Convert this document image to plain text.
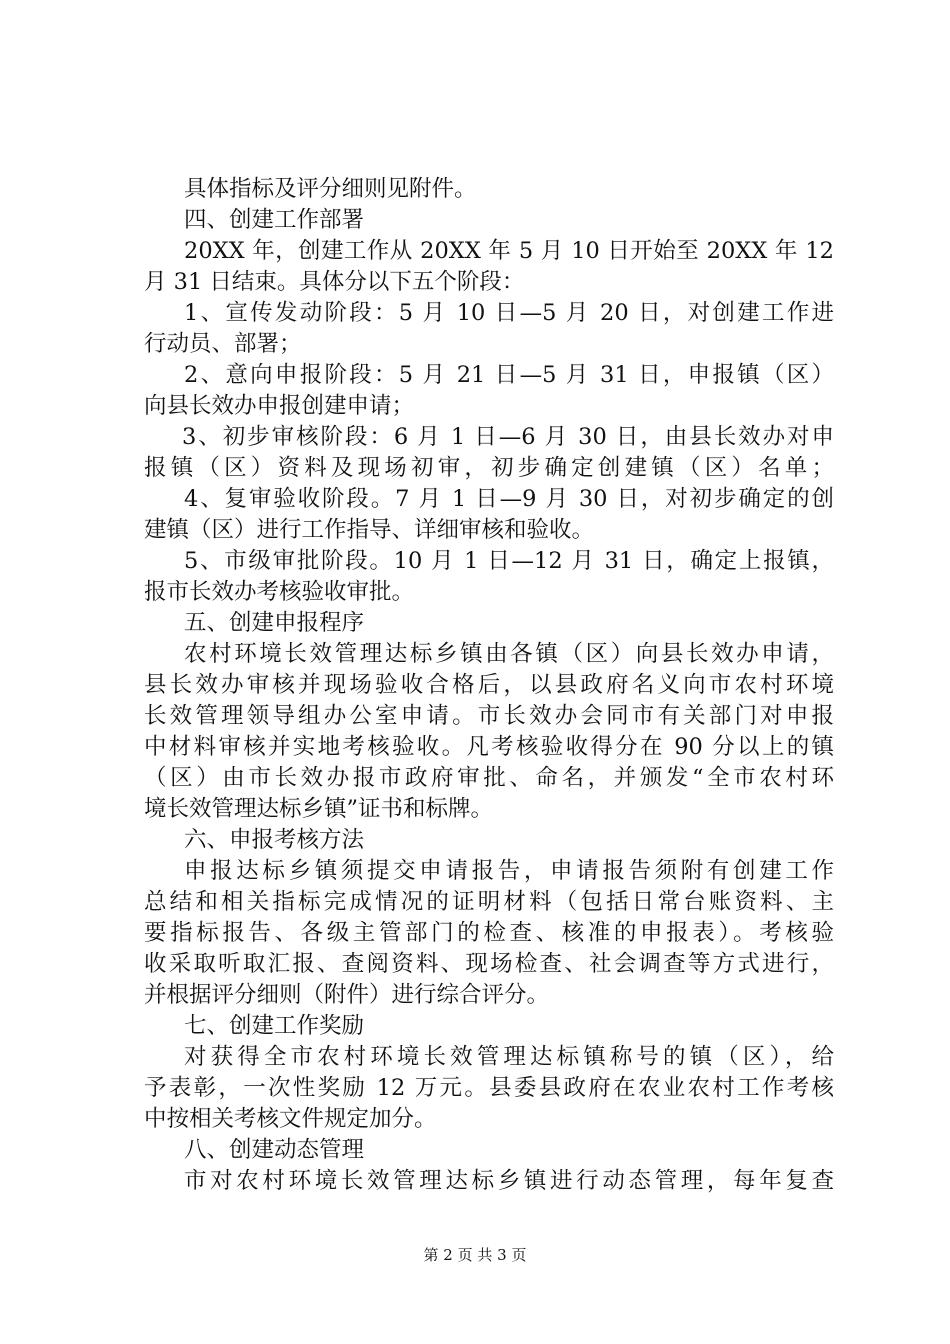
具体指标及评分细则见附件。
四、创建工作部署
20XX 年，创建工作从 20XX 年 5 月 10 日开始至 20XX 年 12
月 31 日结束。具体分以下五个阶段：
1、宣传发动阶段：5 月 10 日—5 月 20 日，对创建工作进
行动员、部署；
2、意向申报阶段：5 月 21 日—5 月 31 日，申报镇（区）
向县长效办申报创建申请；
3、初步审核阶段：6 月 1 日—6 月 30 日，由县长效办对申
报镇（区）资料及现场初审，初步确定创建镇（区）名单；
4、复审验收阶段。7 月 1 日—9 月 30 日，对初步确定的创
建镇（区）进行工作指导、详细审核和验收。
5、市级审批阶段。10 月 1 日—12 月 31 日，确定上报镇，
报市长效办考核验收审批。
五、创建申报程序
农村环境长效管理达标乡镇由各镇（区）向县长效办申请，
县长效办审核并现场验收合格后，以县政府名义向市农村环境
长效管理领导组办公室申请。市长效办会同市有关部门对申报
中材料审核并实地考核验收。凡考核验收得分在 90 分以上的镇
（区）由市长效办报市政府审批、命名，并颁发“全市农村环
境长效管理达标乡镇”证书和标牌。
六、申报考核方法
申报达标乡镇须提交申请报告，申请报告须附有创建工作
总结和相关指标完成情况的证明材料（包括日常台账资料、主
要指标报告、各级主管部门的检查、核准的申报表）。考核验
收采取听取汇报、查阅资料、现场检查、社会调查等方式进行，
并根据评分细则（附件）进行综合评分。
七、创建工作奖励
对获得全市农村环境长效管理达标镇称号的镇（区），给
予表彰，一次性奖励 12 万元。县委县政府在农业农村工作考核
中按相关考核文件规定加分。
八、创建动态管理
市对农村环境长效管理达标乡镇进行动态管理，每年复查
第 2 页 共 3 页
